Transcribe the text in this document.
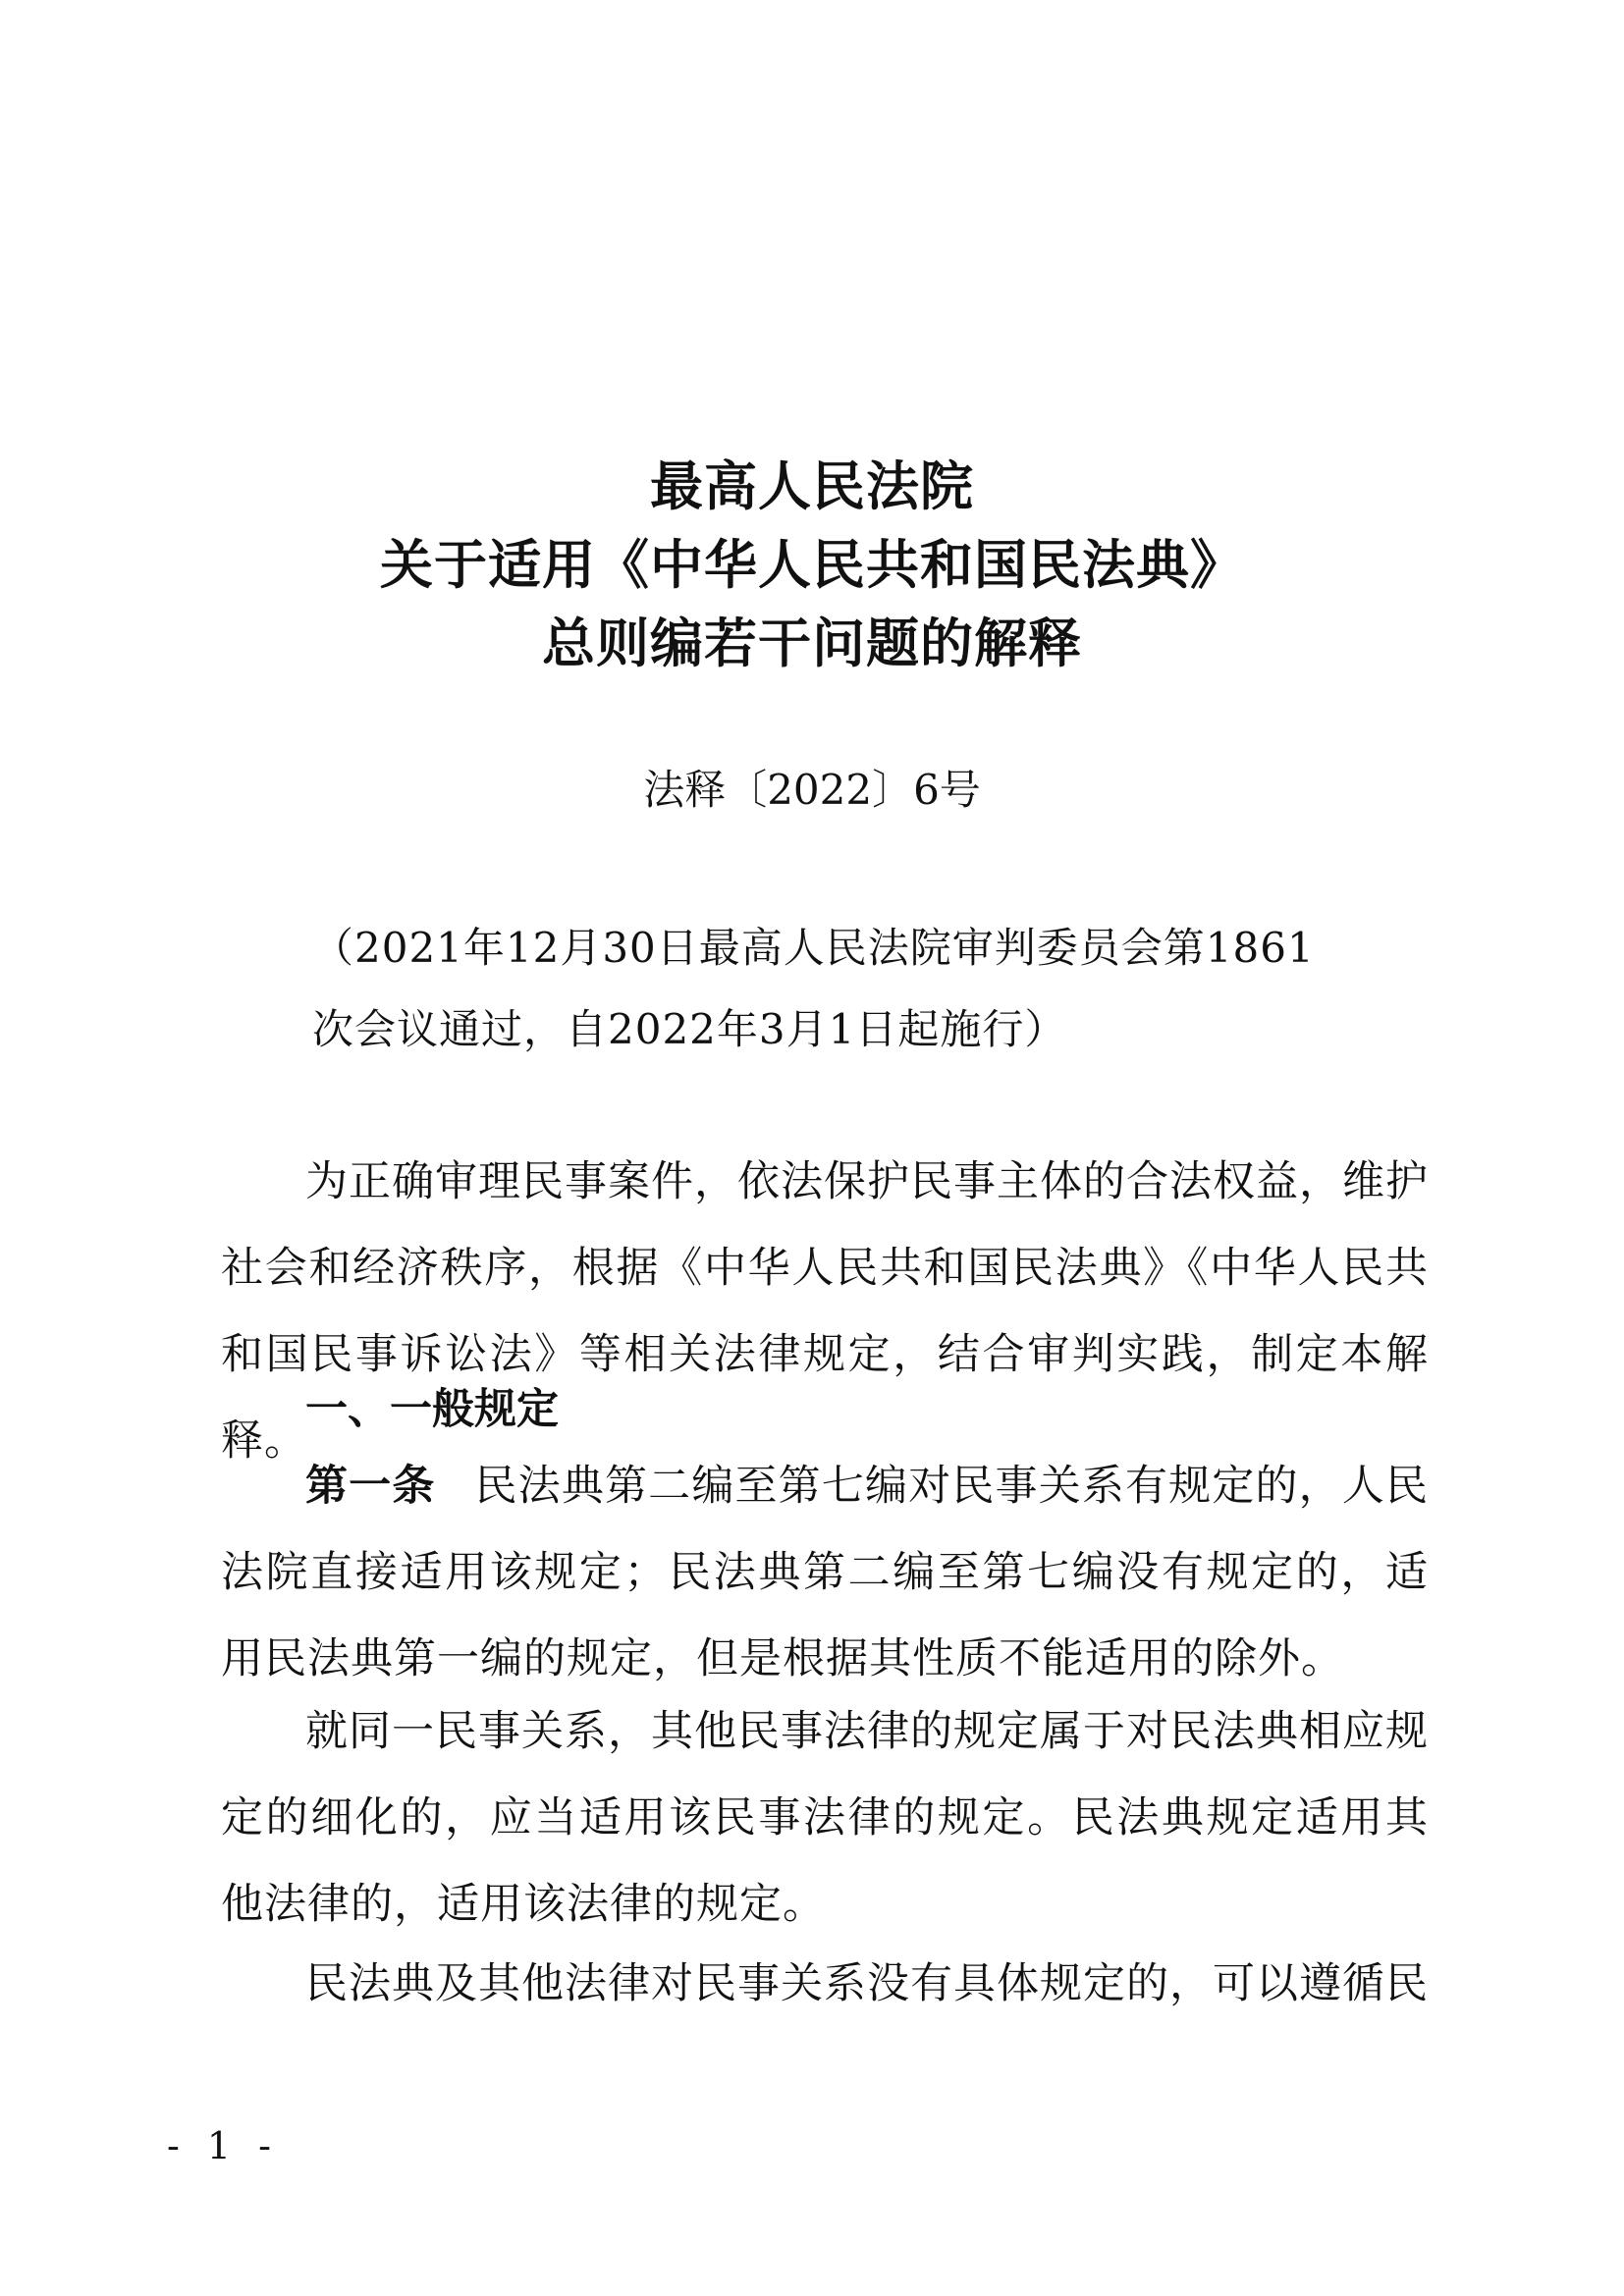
最高人民法院
关于适用《中华人民共和国民法典》
总则编若干问题的解释
法释〔2022〕6号
（2021年12月30日最高人民法院审判委员会第1861
次会议通过，自2022年3月1日起施行）
为正确审理民事案件，依法保护民事主体的合法权益，维护社会和经济秩序，根据《中华人民共和国民法典》《中华人民共和国民事诉讼法》等相关法律规定，结合审判实践，制定本解释。
一、一般规定
第一条 民法典第二编至第七编对民事关系有规定的，人民法院直接适用该规定；民法典第二编至第七编没有规定的，适用民法典第一编的规定，但是根据其性质不能适用的除外。
就同一民事关系，其他民事法律的规定属于对民法典相应规定的细化的，应当适用该民事法律的规定。民法典规定适用其他法律的，适用该法律的规定。
民法典及其他法律对民事关系没有具体规定的，可以遵循民
- 1 -
